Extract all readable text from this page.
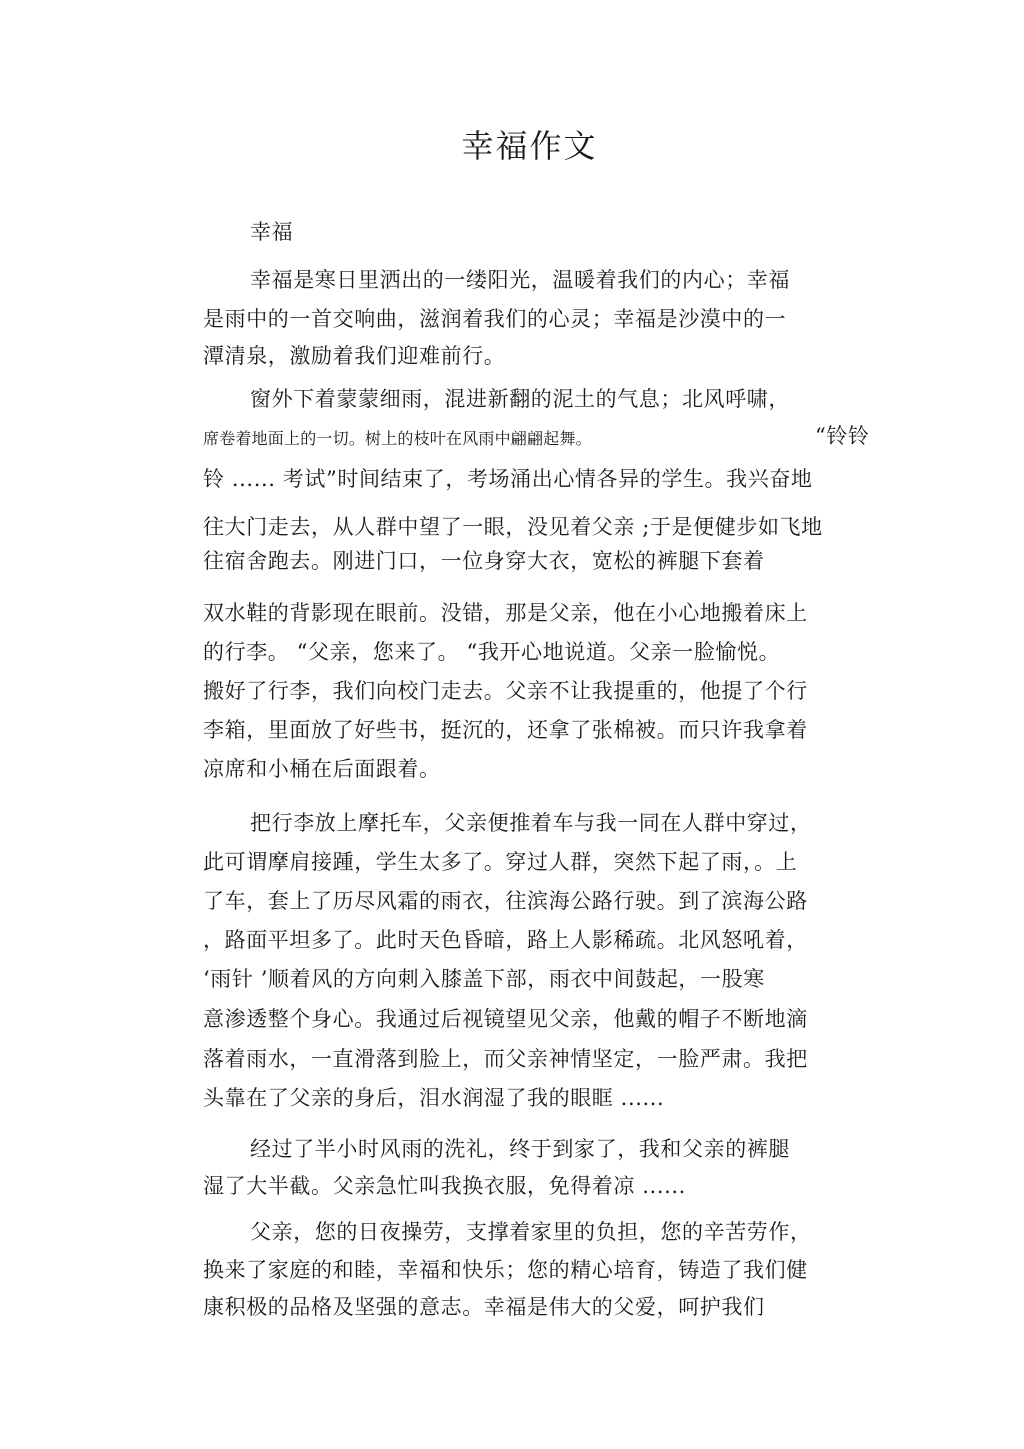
幸福作文
幸福
幸福是寒日里洒出的一缕阳光，温暖着我们的内心；幸福
是雨中的一首交响曲，滋润着我们的心灵；幸福是沙漠中的一
潭清泉，激励着我们迎难前行。
窗外下着蒙蒙细雨，混进新翻的泥土的气息；北风呼啸，
席卷着地面上的一切。树上的枝叶在风雨中翩翩起舞。	“铃铃
铃 ...... 考试”时间结束了，考场涌出心情各异的学生。我兴奋地
往大门走去，从人群中望了一眼，没见着父亲 ;于是便健步如飞地
往宿舍跑去。刚进门口，一位身穿大衣，宽松的裤腿下套着
双水鞋的背影现在眼前。没错，那是父亲，他在小心地搬着床上
的行李。 “父亲，您来了。 “我开心地说道。父亲一脸愉悦。
搬好了行李，我们向校门走去。父亲不让我提重的，他提了个行
李箱，里面放了好些书，挺沉的，还拿了张棉被。而只许我拿着
凉席和小桶在后面跟着。
把行李放上摩托车，父亲便推着车与我一同在人群中穿过，
此可谓摩肩接踵，学生太多了。穿过人群，突然下起了雨，。上
了车，套上了历尽风霜的雨衣，往滨海公路行驶。到了滨海公路
，路面平坦多了。此时天色昏暗，路上人影稀疏。北风怒吼着，
‘雨针 ’顺着风的方向刺入膝盖下部，雨衣中间鼓起，一股寒
意渗透整个身心。我通过后视镜望见父亲，他戴的帽子不断地滴
落着雨水，一直滑落到脸上，而父亲神情坚定，一脸严肃。我把
头靠在了父亲的身后，泪水润湿了我的眼眶 ......
经过了半小时风雨的洗礼，终于到家了，我和父亲的裤腿
湿了大半截。父亲急忙叫我换衣服，免得着凉 ......
父亲，您的日夜操劳，支撑着家里的负担，您的辛苦劳作，
换来了家庭的和睦，幸福和快乐；您的精心培育，铸造了我们健
康积极的品格及坚强的意志。幸福是伟大的父爱，呵护我们
